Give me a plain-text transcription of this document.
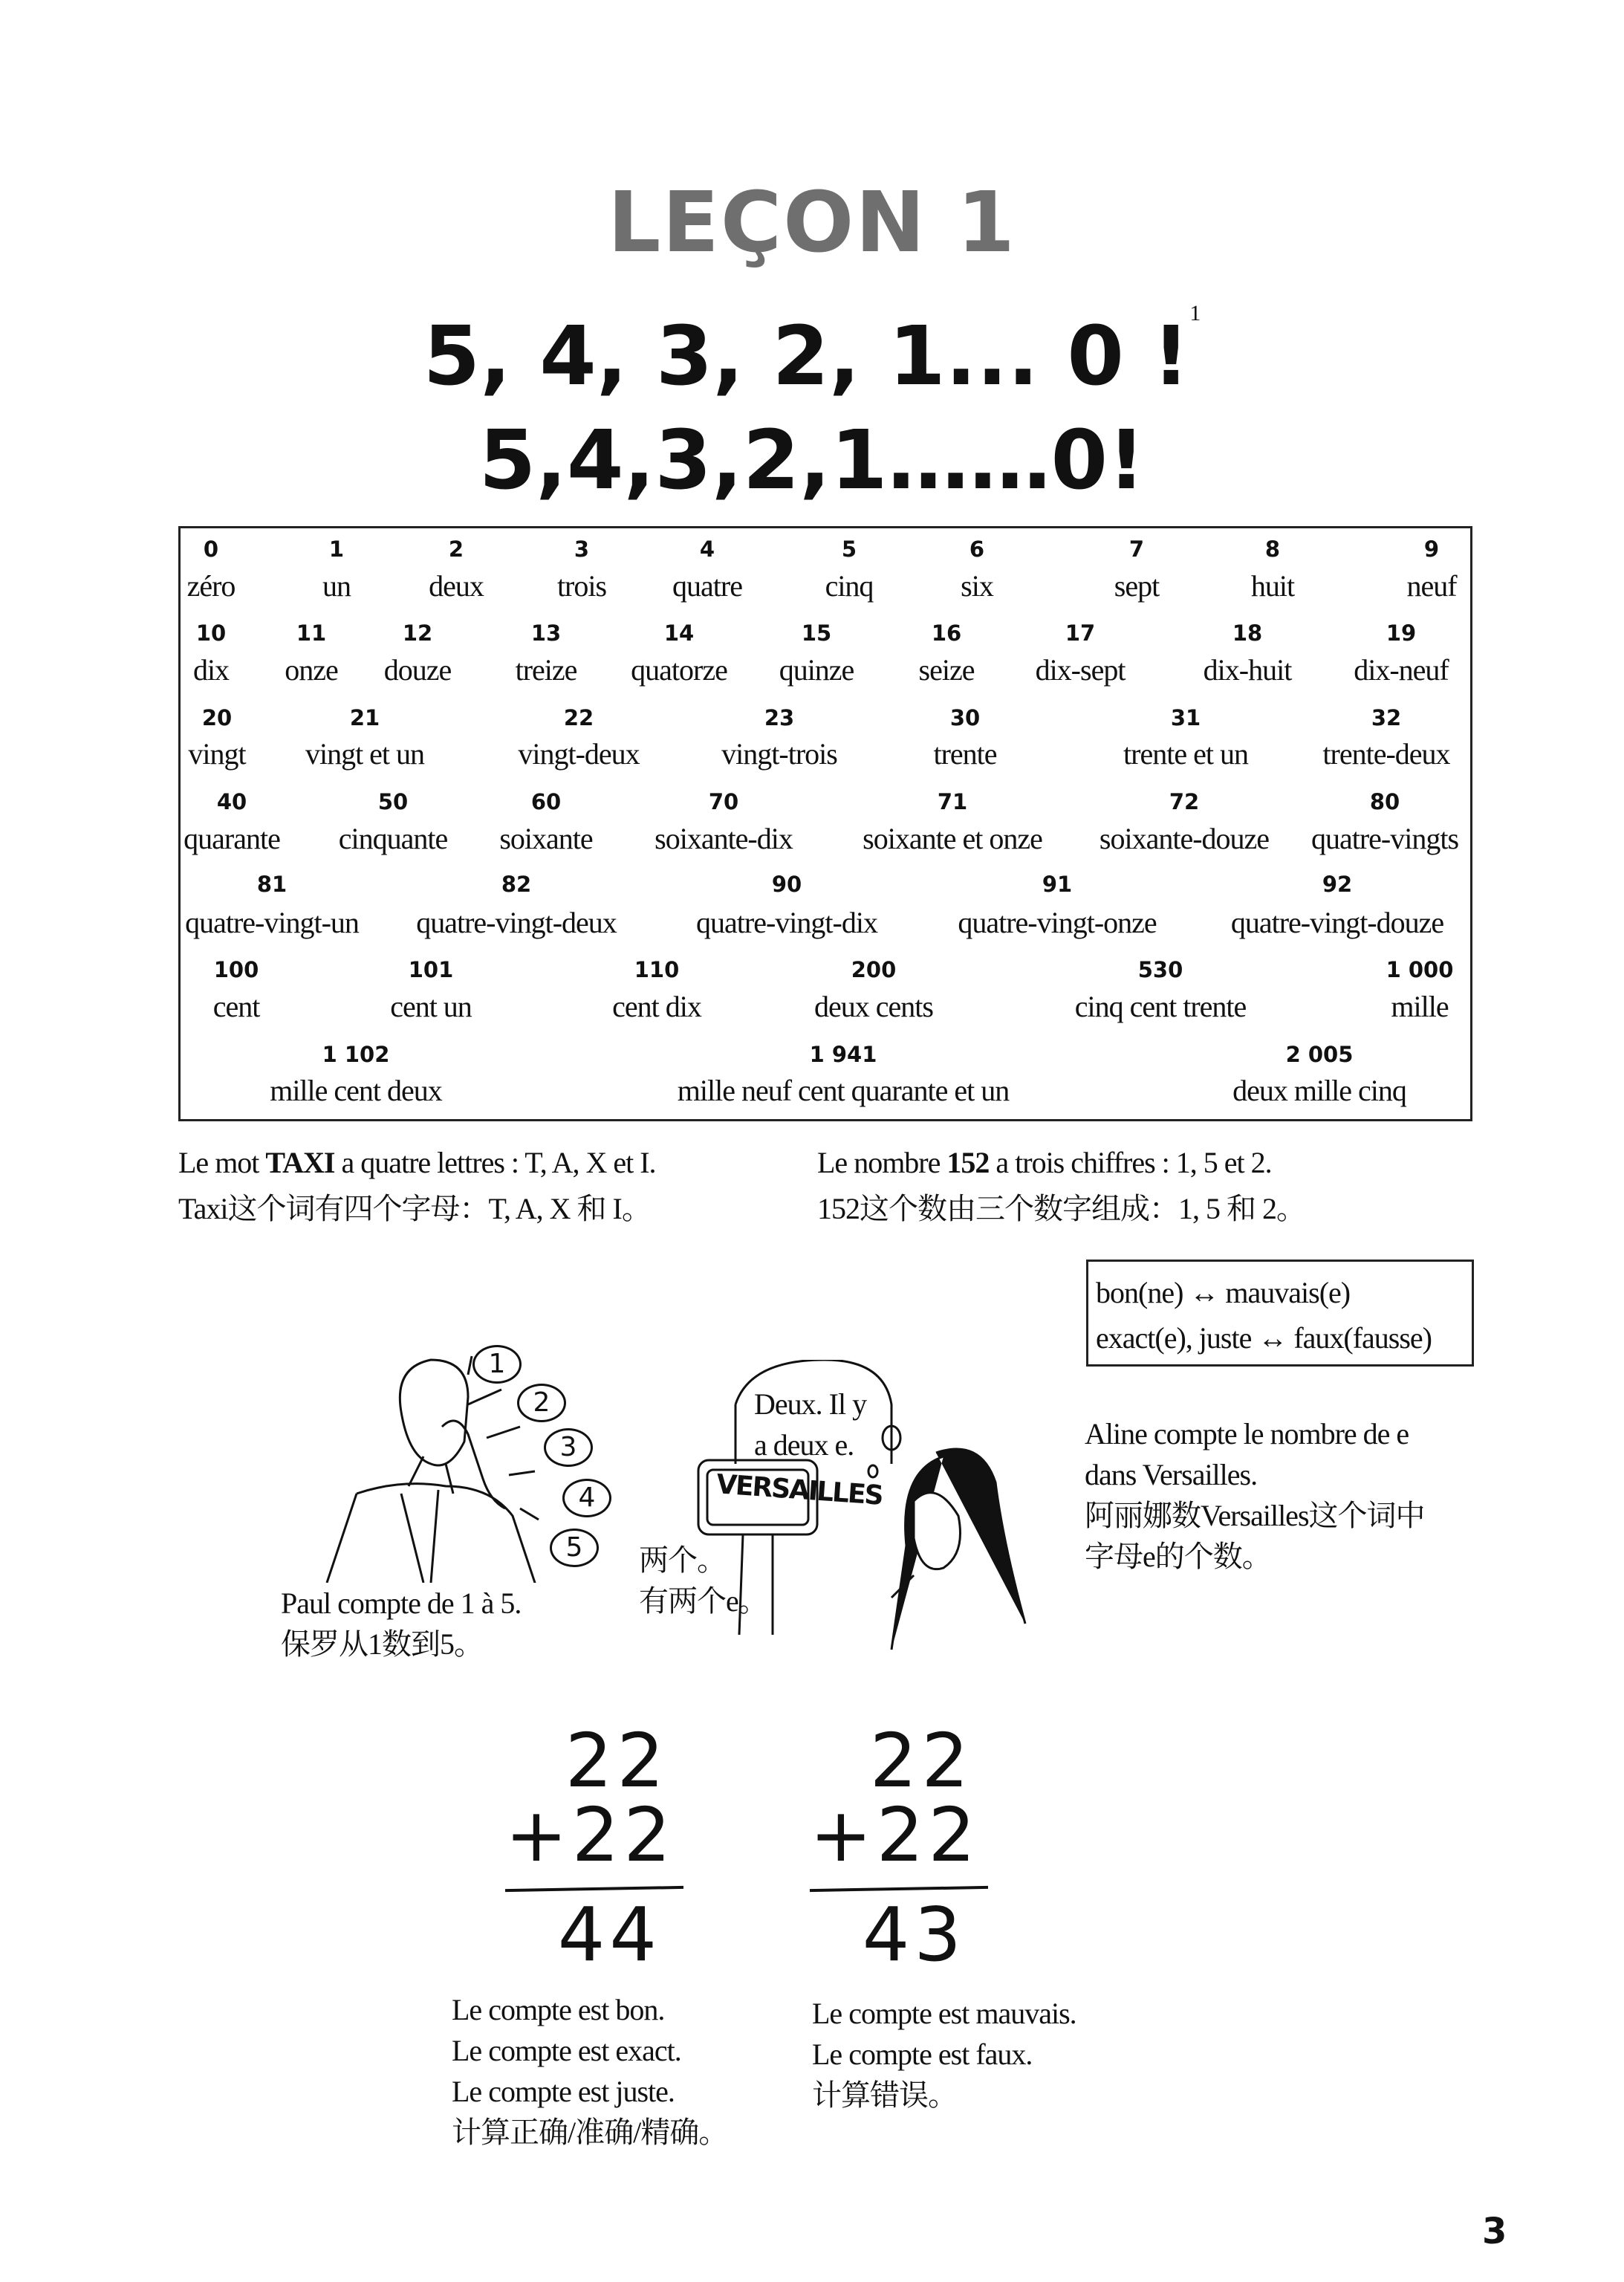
LEÇON 1
5, 4, 3, 2, 1... 0 !$^1$
5,4,3,2,1……0!
0
zéro
1
un
2
deux
3
trois
4
quatre
5
cinq
6
six
7
sept
8
huit
9
neuf
10
dix
11
onze
12
douze
13
treize
14
quatorze
15
quinze
16
seize
17
dix-sept
18
dix-huit
19
dix-neuf
20
vingt
21
vingt et un
22
vingt-deux
23
vingt-trois
30
trente
31
trente et un
32
trente-deux
40
quarante
50
cinquante
60
soixante
70
soixante-dix
71
soixante et onze
72
soixante-douze
80
quatre-vingts
81
quatre-vingt-un
82
quatre-vingt-deux
90
quatre-vingt-dix
91
quatre-vingt-onze
92
quatre-vingt-douze
100
cent
101
cent un
110
cent dix
200
deux cents
530
cinq cent trente
1 000
mille
1 102
mille cent deux
1 941
mille neuf cent quarante et un
2 005
deux mille cinq
Le mot TAXI a quatre lettres : T, A, X et I.
Taxi这个词有四个字母：T, A, X 和 I。
Le nombre 152 a trois chiffres : 1, 5 et 2.
152这个数由三个数字组成：1, 5 和 2。
bon(ne) ↔ mauvais(e)
exact(e), juste ↔ faux(fausse)
1
2
3
4
5
Paul compte de 1 à 5.
保罗从1数到5。
Deux. Il y
a deux e.
VERSAILLES
两个。
有两个e。
Aline compte le nombre de e
dans Versailles.
阿丽娜数Versailles这个词中
字母e的个数。
22
+22
44
22
+22
43
Le compte est bon.
Le compte est exact.
Le compte est juste.
计算正确/准确/精确。
Le compte est mauvais.
Le compte est faux.
计算错误。
3
